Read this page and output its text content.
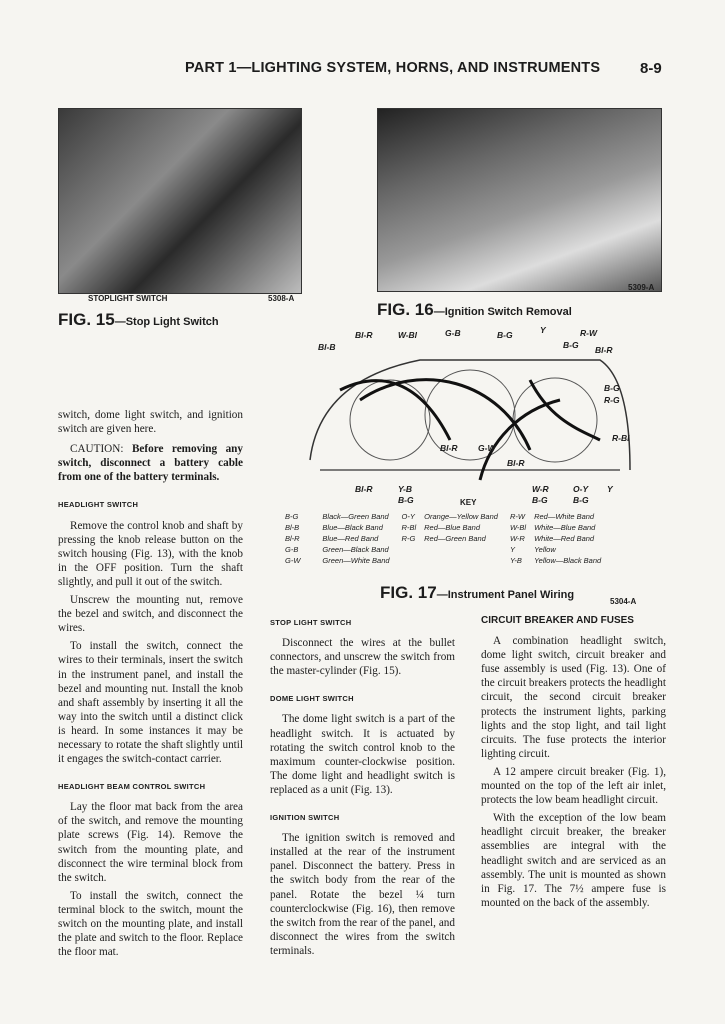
PART 1—LIGHTING SYSTEM, HORNS, AND INSTRUMENTS	8-9
STOPLIGHT SWITCH	5308-A
FIG. 15—Stop Light Switch
5309-A
FIG. 16—Ignition Switch Removal
Bl-B
Bl-R	W-Bl	G-B	B-G	Y	R-W
B-G Bl-R
B-G
R-G
R-Bl
Bl-R G-W
Bl-R
Bl-R	Y-B
B-G
W-R
B-G
O-Y
B-G
Y
KEY
B-G	Black—Green Band	O-Y	Orange—Yellow Band	R-W	Red—White Band
Bl-B	Blue—Black Band	R-Bl	Red—Blue Band	W-Bl	White—Blue Band
Bl-R	Blue—Red Band	R-G	Red—Green Band	W-R	White—Red Band
G-B	Green—Black Band			Y	Yellow
G-W	Green—White Band			Y-B	Yellow—Black Band
5304-A
FIG. 17—Instrument Panel Wiring

switch, dome light switch, and ignition switch are given here.

CAUTION: Before removing any switch, disconnect a battery cable from one of the battery terminals.

HEADLIGHT SWITCH

Remove the control knob and shaft by pressing the knob release button on the switch housing (Fig. 13), with the knob in the OFF position. Turn the shaft slightly, and pull it out of the switch.

Unscrew the mounting nut, remove the bezel and switch, and disconnect the wires.

To install the switch, connect the wires to their terminals, insert the switch in the instrument panel, and install the bezel and mounting nut. Install the knob and shaft assembly by inserting it all the way into the switch until a distinct click is heard. In some instances it may be necessary to rotate the shaft slightly until it engages the switch-contact carrier.

HEADLIGHT BEAM CONTROL SWITCH

Lay the floor mat back from the area of the switch, and remove the mounting plate screws (Fig. 14). Remove the switch from the mounting plate, and disconnect the wire terminal block from the switch.

To install the switch, connect the terminal block to the switch, mount the switch on the mounting plate, and install the plate and switch to the floor. Replace the floor mat.

STOP LIGHT SWITCH

Disconnect the wires at the bullet connectors, and unscrew the switch from the master-cylinder (Fig. 15).

DOME LIGHT SWITCH

The dome light switch is a part of the headlight switch. It is actuated by rotating the switch control knob to the maximum counter-clockwise position. The dome light and headlight switch is replaced as a unit (Fig. 13).

IGNITION SWITCH

The ignition switch is removed and installed at the rear of the instrument panel. Disconnect the battery. Press in the switch body from the rear of the panel. Rotate the bezel ¼ turn counterclockwise (Fig. 16), then remove the switch from the rear of the panel, and disconnect the wires from the switch terminals.

CIRCUIT BREAKER AND FUSES

A combination headlight switch, dome light switch, circuit breaker and fuse assembly is used (Fig. 13). One of the circuit breakers protects the headlight circuit, the second circuit breaker protects the instrument lights, parking lights and the stop light, and tail light circuits. The fuse protects the interior lighting circuit.

A 12 ampere circuit breaker (Fig. 1), mounted on the top of the left air inlet, protects the low beam headlight circuit.

With the exception of the low beam headlight circuit breaker, the breaker assemblies are integral with the headlight switch and are serviced as an assembly. The unit is mounted as shown in Fig. 17. The 7½ ampere fuse is mounted on the back of the assembly.
